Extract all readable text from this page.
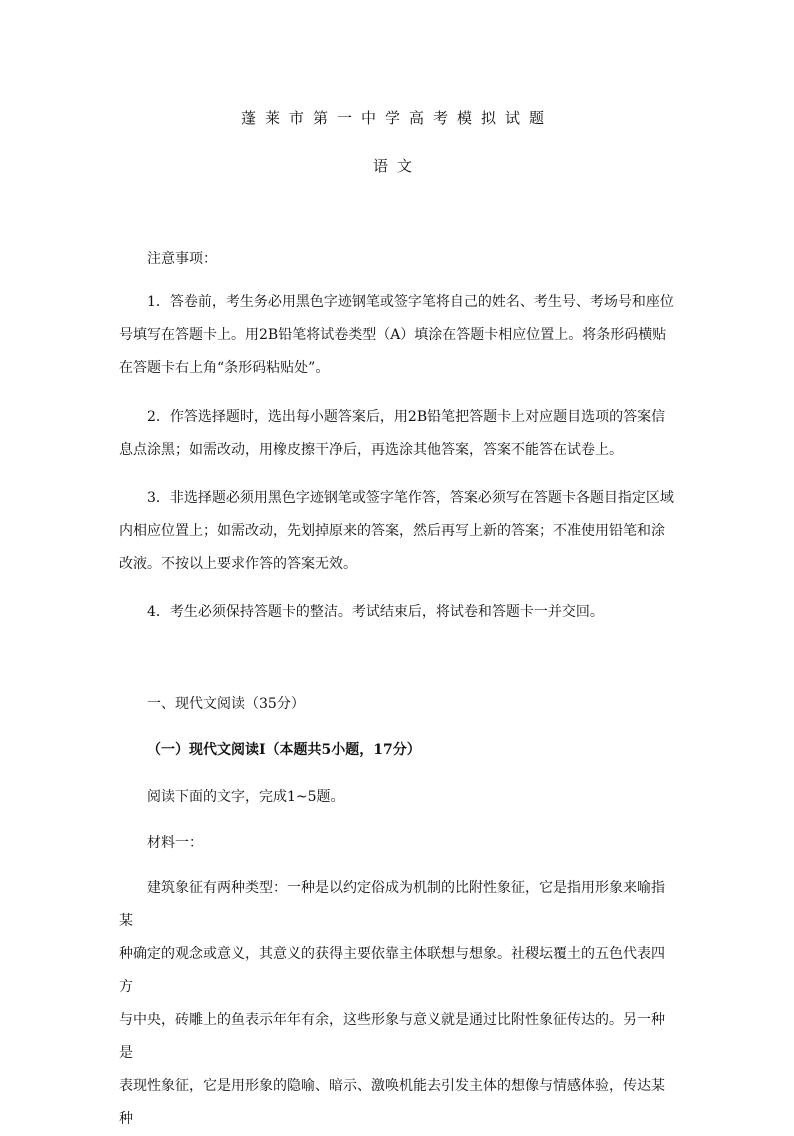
蓬莱市第一中学高考模拟试题
语文
注意事项：
1．答卷前，考生务必用黑色字迹钢笔或签字笔将自己的姓名、考生号、考场号和座位号填写在答题卡上。用2B铅笔将试卷类型（A）填涂在答题卡相应位置上。将条形码横贴在答题卡右上角“条形码粘贴处”。
2．作答选择题时，选出每小题答案后，用2B铅笔把答题卡上对应题目选项的答案信息点涂黑；如需改动，用橡皮擦干净后，再选涂其他答案，答案不能答在试卷上。
3．非选择题必须用黑色字迹钢笔或签字笔作答，答案必须写在答题卡各题目指定区域内相应位置上；如需改动，先划掉原来的答案，然后再写上新的答案；不准使用铅笔和涂改液。不按以上要求作答的答案无效。
4．考生必须保持答题卡的整洁。考试结束后，将试卷和答题卡一并交回。
一、现代文阅读（35分）
（一）现代文阅读Ⅰ（本题共5小题，17分）
阅读下面的文字，完成1~5题。
材料一：
建筑象征有两种类型：一种是以约定俗成为机制的比附性象征，它是指用形象来喻指某
种确定的观念或意义，其意义的获得主要依靠主体联想与想象。社稷坛覆土的五色代表四方
与中央，砖雕上的鱼表示年年有余，这些形象与意义就是通过比附性象征传达的。另一种是
表现性象征，它是用形象的隐喻、暗示、激唤机能去引发主体的想像与情感体验，传达某种
